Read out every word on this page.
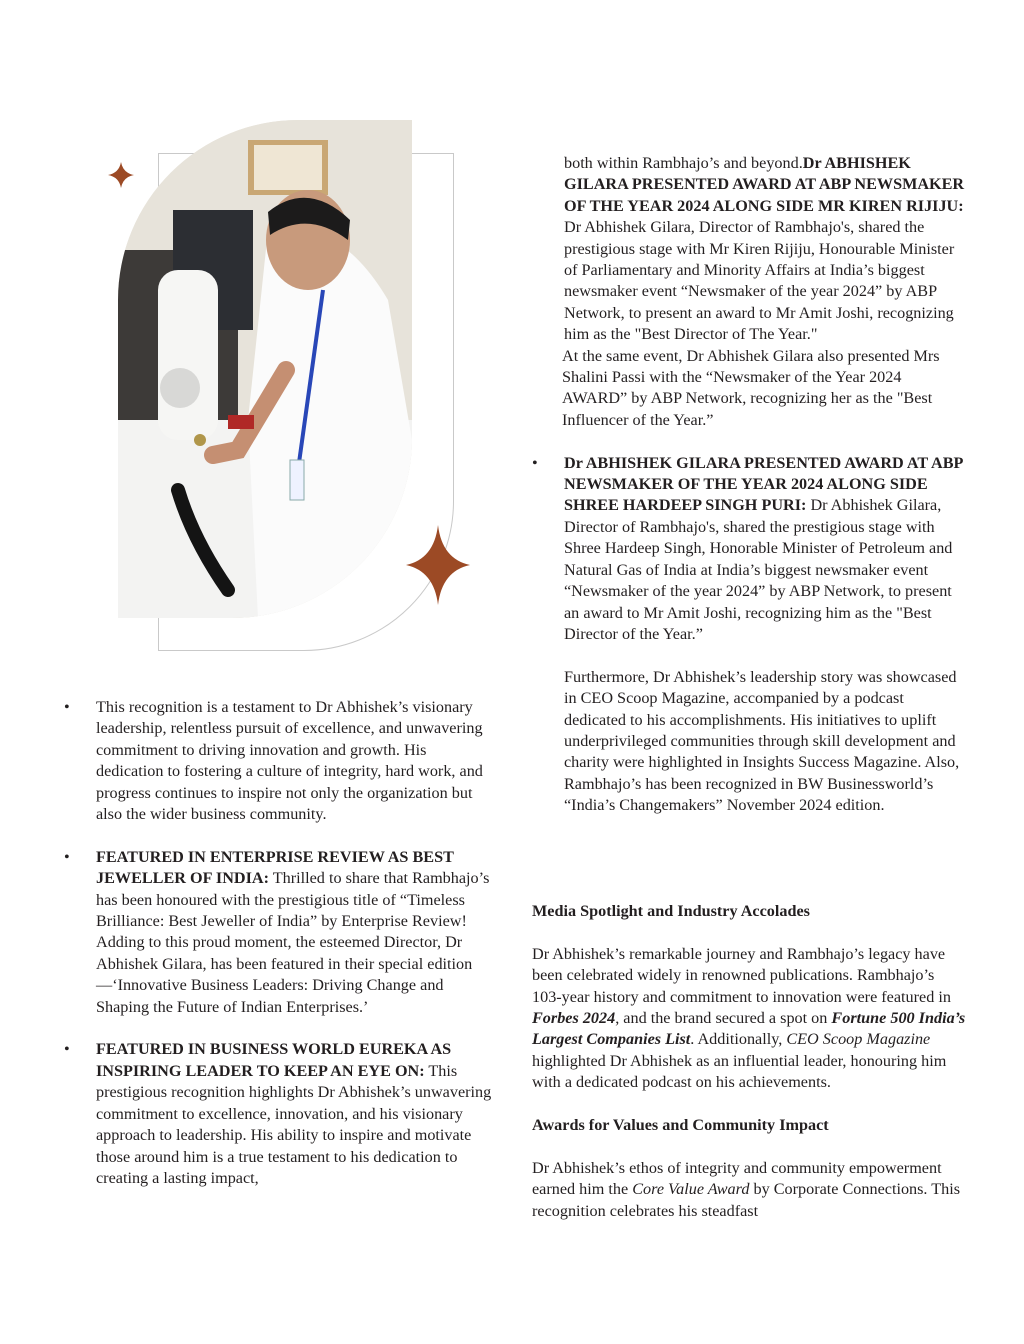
both within Rambhajo’s and beyond.Dr ABHISHEK GILARA PRESENTED AWARD AT ABP NEWSMAKER OF THE YEAR 2024 ALONG SIDE MR KIREN RIJIJU: Dr Abhishek Gilara, Director of Rambhajo's, shared the prestigious stage with Mr Kiren Rijiju, Honourable Minister of Parliamentary and Minority Affairs at India’s biggest newsmaker event “Newsmaker of the year 2024” by ABP Network, to present an award to Mr Amit Joshi, recognizing him as the "Best Director of The Year."

At the same event, Dr Abhishek Gilara also presented Mrs Shalini Passi with the “Newsmaker of the Year 2024 AWARD” by ABP Network, recognizing her as the "Best Influencer of the Year.”

• Dr ABHISHEK GILARA PRESENTED AWARD AT ABP NEWSMAKER OF THE YEAR 2024 ALONG SIDE SHREE HARDEEP SINGH PURI: Dr Abhishek Gilara, Director of Rambhajo's, shared the prestigious stage with Shree Hardeep Singh, Honorable Minister of Petroleum and Natural Gas of India at India’s biggest newsmaker event “Newsmaker of the year 2024” by ABP Network, to present an award to Mr Amit Joshi, recognizing him as the "Best Director of the Year.”

Furthermore, Dr Abhishek’s leadership story was showcased in CEO Scoop Magazine, accompanied by a podcast dedicated to his accomplishments. His initiatives to uplift underprivileged communities through skill development and charity were highlighted in Insights Success Magazine. Also, Rambhajo’s has been recognized in BW Businessworld’s “India’s Changemakers” November 2024 edition.

Media Spotlight and Industry Accolades

Dr Abhishek’s remarkable journey and Rambhajo’s legacy have been celebrated widely in renowned publications. Rambhajo’s 103-year history and commitment to innovation were featured in Forbes 2024, and the brand secured a spot on Fortune 500 India’s Largest Companies List. Additionally, CEO Scoop Magazine highlighted Dr Abhishek as an influential leader, honouring him with a dedicated podcast on his achievements.

Awards for Values and Community Impact

Dr Abhishek’s ethos of integrity and community empowerment earned him the Core Value Award by Corporate Connections. This recognition celebrates his steadfast

• This recognition is a testament to Dr Abhishek’s visionary leadership, relentless pursuit of excellence, and unwavering commitment to driving innovation and growth. His dedication to fostering a culture of integrity, hard work, and progress continues to inspire not only the organization but also the wider business community.

• FEATURED IN ENTERPRISE REVIEW AS BEST JEWELLER OF INDIA: Thrilled to share that Rambhajo’s has been honoured with the prestigious title of “Timeless Brilliance: Best Jeweller of India” by Enterprise Review! Adding to this proud moment, the esteemed Director, Dr Abhishek Gilara, has been featured in their special edition—‘Innovative Business Leaders: Driving Change and Shaping the Future of Indian Enterprises.’

• FEATURED IN BUSINESS WORLD EUREKA AS INSPIRING LEADER TO KEEP AN EYE ON: This prestigious recognition highlights Dr Abhishek’s unwavering commitment to excellence, innovation, and his visionary approach to leadership. His ability to inspire and motivate those around him is a true testament to his dedication to creating a lasting impact,
